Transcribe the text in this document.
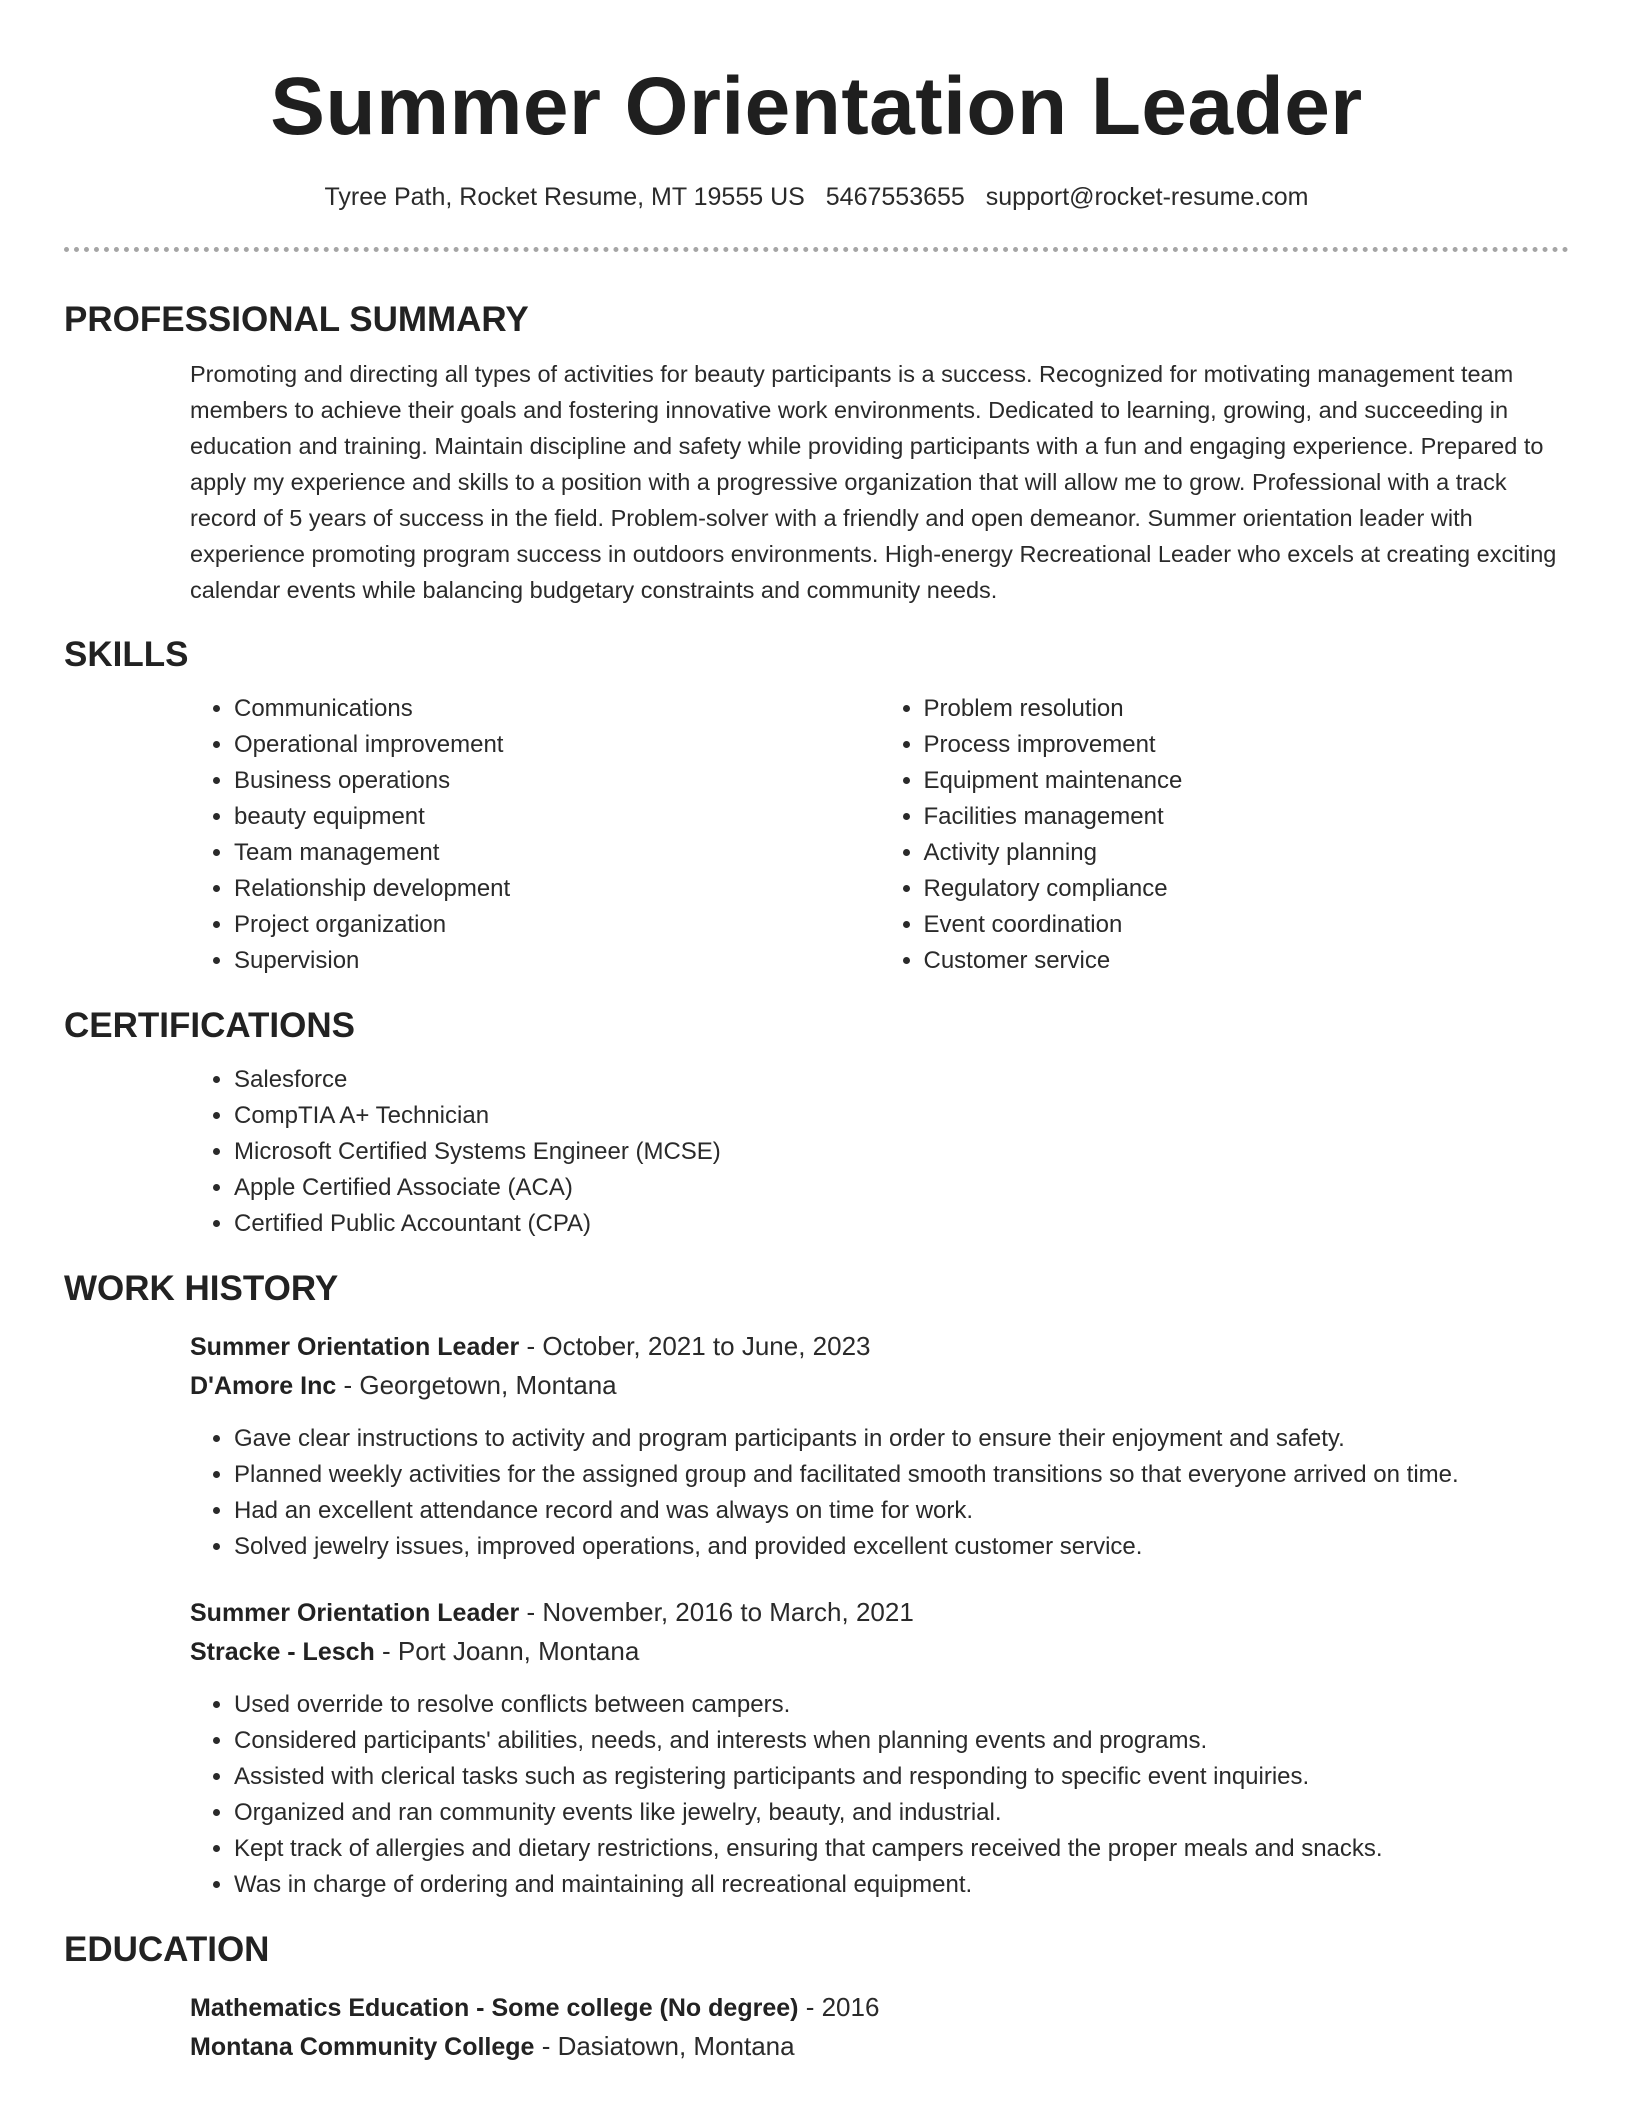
Summer Orientation Leader
Tyree Path, Rocket Resume, MT 19555 US 5467553655 support@rocket-resume.com
PROFESSIONAL SUMMARY

Promoting and directing all types of activities for beauty participants is a success. Recognized for motivating management team members to achieve their goals and fostering innovative work environments. Dedicated to learning, growing, and succeeding in education and training. Maintain discipline and safety while providing participants with a fun and engaging experience. Prepared to apply my experience and skills to a position with a progressive organization that will allow me to grow. Professional with a track record of 5 years of success in the field. Problem-solver with a friendly and open demeanor. Summer orientation leader with experience promoting program success in outdoors environments. High-energy Recreational Leader who excels at creating exciting calendar events while balancing budgetary constraints and community needs.

SKILLS
• Communications
• Operational improvement
• Business operations
• beauty equipment
• Team management
• Relationship development
• Project organization
• Supervision
• Problem resolution
• Process improvement
• Equipment maintenance
• Facilities management
• Activity planning
• Regulatory compliance
• Event coordination
• Customer service
CERTIFICATIONS
• Salesforce
• CompTIA A+ Technician
• Microsoft Certified Systems Engineer (MCSE)
• Apple Certified Associate (ACA)
• Certified Public Accountant (CPA)
WORK HISTORY
Summer Orientation Leader - October, 2021 to June, 2023
D'Amore Inc - Georgetown, Montana
• Gave clear instructions to activity and program participants in order to ensure their enjoyment and safety.
• Planned weekly activities for the assigned group and facilitated smooth transitions so that everyone arrived on time.
• Had an excellent attendance record and was always on time for work.
• Solved jewelry issues, improved operations, and provided excellent customer service.
Summer Orientation Leader - November, 2016 to March, 2021
Stracke - Lesch - Port Joann, Montana
• Used override to resolve conflicts between campers.
• Considered participants' abilities, needs, and interests when planning events and programs.
• Assisted with clerical tasks such as registering participants and responding to specific event inquiries.
• Organized and ran community events like jewelry, beauty, and industrial.
• Kept track of allergies and dietary restrictions, ensuring that campers received the proper meals and snacks.
• Was in charge of ordering and maintaining all recreational equipment.
EDUCATION
Mathematics Education - Some college (No degree) - 2016
Montana Community College - Dasiatown, Montana
